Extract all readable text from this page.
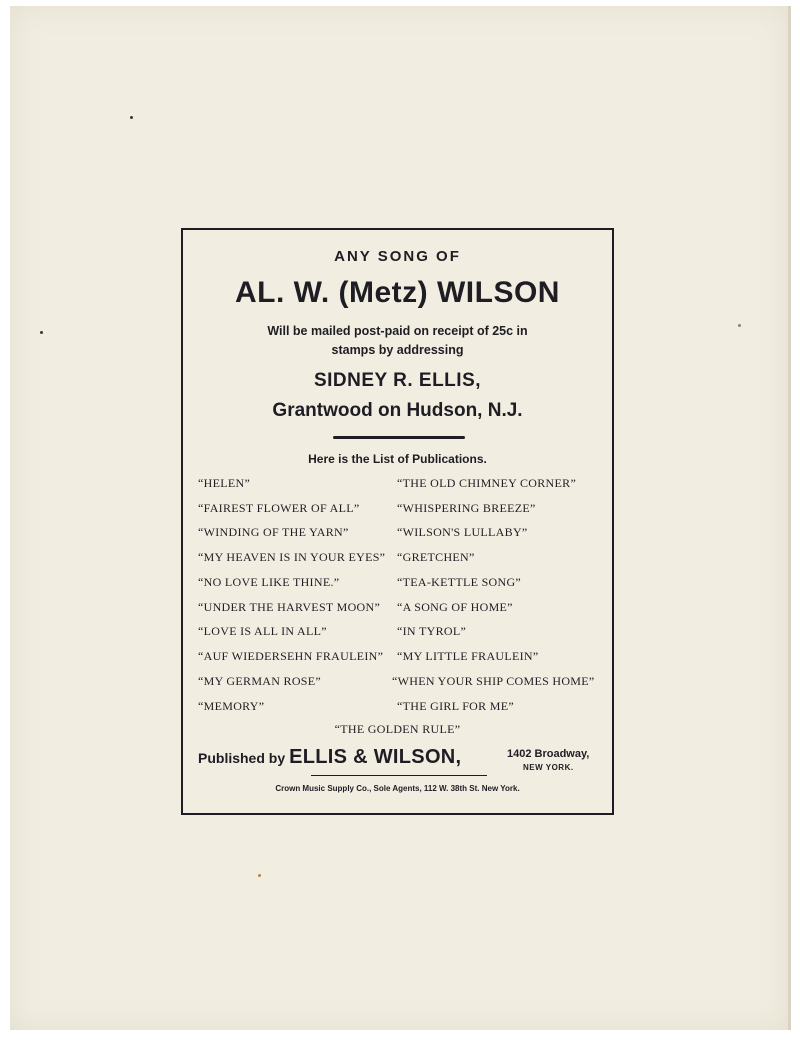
ANY SONG OF
AL. W. (Metz) WILSON
Will be mailed post-paid on receipt of 25c in
stamps by addressing
SIDNEY R. ELLIS,
Grantwood on Hudson, N.J.
Here is the List of Publications.
“HELEN”
“FAIREST FLOWER OF ALL”
“WINDING OF THE YARN”
“MY HEAVEN IS IN YOUR EYES”
“NO LOVE LIKE THINE.”
“UNDER THE HARVEST MOON”
“LOVE IS ALL IN ALL”
“AUF WIEDERSEHN FRAULEIN”
“MY GERMAN ROSE”
“MEMORY”
“THE OLD CHIMNEY CORNER”
“WHISPERING BREEZE”
“WILSON'S LULLABY”
“GRETCHEN”
“TEA-KETTLE SONG”
“A SONG OF HOME”
“IN TYROL”
“MY LITTLE FRAULEIN”
“WHEN YOUR SHIP COMES HOME”
“THE GIRL FOR ME”
“THE GOLDEN RULE”
Published by ELLIS & WILSON,	1402 Broadway,
NEW YORK.
Crown Music Supply Co., Sole Agents, 112 W. 38th St. New York.
